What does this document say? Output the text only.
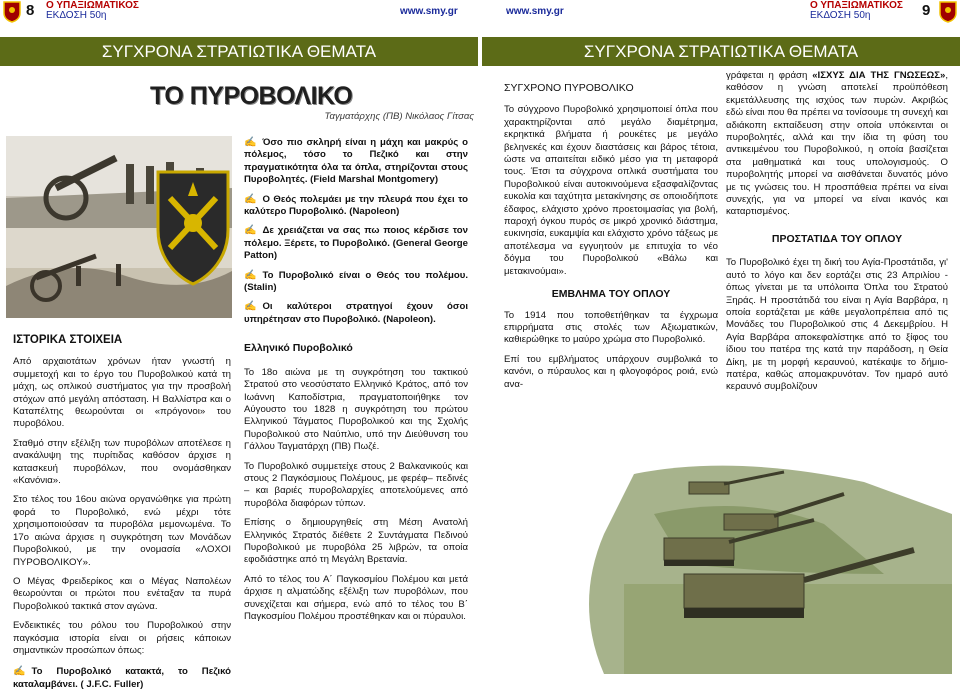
8 Ο ΥΠΑΞΙΩΜΑΤΙΚΟΣ
ΕΚΔΟΣΗ 50η	www.smy.gr
ΣΥΓΧΡΟΝΑ ΣΤΡΑΤΙΩΤΙΚΑ ΘΕΜΑΤΑ
ΤΟ ΠΥΡΟΒΟΛΙΚΟ
Ταγματάρχης (ΠΒ) Νικόλαος Γίτσας

ΙΣΤΟΡΙΚΑ ΣΤΟΙΧΕΙΑ

Από αρχαιοτάτων χρόνων ήταν γνωστή η συμμετοχή και το έργο του Πυροβολικού κατά τη μάχη, ως οπλικού συστήματος για την προσβολή στόχων από μεγάλη απόσταση. Η Βαλλίστρα και ο Καταπέλτης θεωρούνται οι «πρόγονοι» του πυροβόλου.

Σταθμό στην εξέλιξη των πυροβόλων αποτέλεσε η ανακάλυψη της πυρίτιδας καθόσον άρχισε η κατασκευή πυροβόλων, που ονομάσθηκαν «Κανόνια».

Στο τέλος του 16ου αιώνα οργανώθηκε για πρώτη φορά το Πυροβολικό, ενώ μέχρι τότε χρησιμοποιούσαν τα πυροβόλα μεμονωμένα. Το 17ο αιώνα άρχισε η συγκρότηση των Μονάδων Πυροβολικού, με την ονομασία «ΛΟΧΟΙ ΠΥΡΟΒΟΛΙΚΟΥ».

Ο Μέγας Φρειδερίκος και ο Μέγας Ναπολέων θεωρούνται οι πρώτοι που ενέταξαν τα πυρά Πυροβολικού τακτικά στον αγώνα.

Ενδεικτικές του ρόλου του Πυροβολικού στην παγκόσμια ιστορία είναι οι ρήσεις κάποιων σημαντικών προσώπων όπως:

✍ Το Πυροβολικό κατακτά, το Πεζικό καταλαμβάνει. ( J.F.C. Fuller)

✍ Όσο πιο σκληρή είναι η μάχη και μακρύς ο πόλεμος, τόσο το Πεζικό και στην πραγματικότητα όλα τα όπλα, στηρίζονται στους Πυροβολητές. (Field Marshal Montgomery)

✍ Ο Θεός πολεμάει με την πλευρά που έχει το καλύτερο Πυροβολικό. (Napoleon)

✍ Δε χρειάζεται να σας πω ποιος κέρδισε τον πόλεμο. Ξέρετε, το Πυροβολικό. (General George Patton)

✍ Το Πυροβολικό είναι ο Θεός του πολέμου. (Stalin)

✍ Οι καλύτεροι στρατηγοί έχουν όσοι υπηρέτησαν στο Πυροβολικό. (Napoleon).

Ελληνικό Πυροβολικό

Το 18ο αιώνα με τη συγκρότηση του τακτικού Στρατού στο νεοσύστατο Ελληνικό Κράτος, από τον Ιωάννη Καποδίστρια, πραγματοποιήθηκε τον Αύγουστο του 1828 η συγκρότηση του πρώτου Ελληνικού Τάγματος Πυροβολικού και της Σχολής Πυροβολικού στο Ναύπλιο, υπό την Διεύθυνση του Γάλλου Ταγματάρχη (ΠΒ) Πωζέ.

Το Πυροβολικό συμμετείχε στους 2 Βαλκανικούς και στους 2 Παγκόσμιους Πολέμους, με φερέφ– πεδινές – και βαριές πυροβολαρχίες αποτελούμενες από πυροβόλα διαφόρων τύπων.

Επίσης ο δημιουργηθείς στη Μέση Ανατολή Ελληνικός Στρατός διέθετε 2 Συντάγματα Πεδινού Πυροβολικού με πυροβόλα 25 λιβρών, τα οποία εφοδιάστηκε από τη Μεγάλη Βρετανία.

Από το τέλος του Α΄ Παγκοσμίου Πολέμου και μετά άρχισε η αλματώδης εξέλιξη των πυροβόλων, που συνεχίζεται και σήμερα, ενώ από το τέλος του Β΄ Παγκοσμίου Πολέμου προστέθηκαν και οι πύραυλοι.

www.smy.gr
Ο ΥΠΑΞΙΩΜΑΤΙΚΟΣ
ΕΚΔΟΣΗ 50η	9
ΣΥΓΧΡΟΝΑ ΣΤΡΑΤΙΩΤΙΚΑ ΘΕΜΑΤΑ

ΣΥΓΧΡΟΝΟ ΠΥΡΟΒΟΛΙΚΟ

Το σύγχρονο Πυροβολικό χρησιμοποιεί όπλα που χαρακτηρίζονται από μεγάλο διαμέτρημα, εκρηκτικά βλήματα ή ρουκέτες με μεγάλο βεληνεκές και έχουν διαστάσεις και βάρος τέτοια, ώστε να απαιτείται ειδικό μέσο για τη μεταφορά τους. Έτσι τα σύγχρονα οπλικά συστήματα του Πυροβολικού είναι αυτοκινούμενα εξασφαλίζοντας ευκολία και ταχύτητα μετακίνησης σε οποιοδήποτε έδαφος, ελάχιστο χρόνο προετοιμασίας για βολή, παροχή όγκου πυρός σε μικρό χρονικό διάστημα, ευκινησία, ευκαμψία και ελάχιστο χρόνο τάξεως με αποτέλεσμα να εγγυητούν με επιτυχία το νέο δόγμα του Πυροβολικού «Βάλω και μετακινούμαι».

ΕΜΒΛΗΜΑ ΤΟΥ ΟΠΛΟΥ

Το 1914 που τοποθετήθηκαν τα έγχρωμα επιρρήματα στις στολές των Αξιωματικών, καθιερώθηκε το μαύρο χρώμα στο Πυροβολικό.

Επί του εμβλήματος υπάρχουν συμβολικά το κανόνι, ο πύραυλος και η φλογοφόρος ροιά, ενώ ανα-

γράφεται η φράση «ΙΣΧΥΣ ΔΙΑ ΤΗΣ ΓΝΩΣΕΩΣ», καθόσον η γνώση αποτελεί προϋπόθεση εκμετάλλευσης της ισχύος των πυρών. Ακριβώς εδώ είναι που θα πρέπει να τονίσουμε τη συνεχή και αδιάκοπη εκπαίδευση στην οποία υπόκεινται οι πυροβολητές, αλλά και την ίδια τη φύση του αντικειμένου του Πυροβολικού, η οποία βασίζεται στα μαθηματικά και τους υπολογισμούς. Ο πυροβολητής μπορεί να αισθάνεται δυνατός μόνο με τις γνώσεις του. Η προσπάθεια πρέπει να είναι συνεχής, για να μπορεί να είναι ικανός και καταρτισμένος.

ΠΡΟΣΤΑΤΙΔΑ ΤΟΥ ΟΠΛΟΥ

Το Πυροβολικό έχει τη δική του Αγία-Προστάτιδα, γι' αυτό το λόγο και δεν εορτάζει στις 23 Απριλίου - όπως γίνεται με τα υπόλοιπα Όπλα του Στρατού Ξηράς. Η προστάτιδά του είναι η Αγία Βαρβάρα, η οποία εορτάζεται με κάθε μεγαλοπρέπεια από τις Μονάδες του Πυροβολικού στις 4 Δεκεμβρίου. Η Αγία Βαρβάρα αποκεφαλίστηκε από το ξίφος του ίδιου του πατέρα της κατά την παράδοση, η Θεία Δίκη, με τη μορφή κεραυνού, κατέκαψε το δήμιο-πατέρα, καθώς απομακρυνόταν. Τον ημαρό αυτό κεραυνό συμβολίζουν
